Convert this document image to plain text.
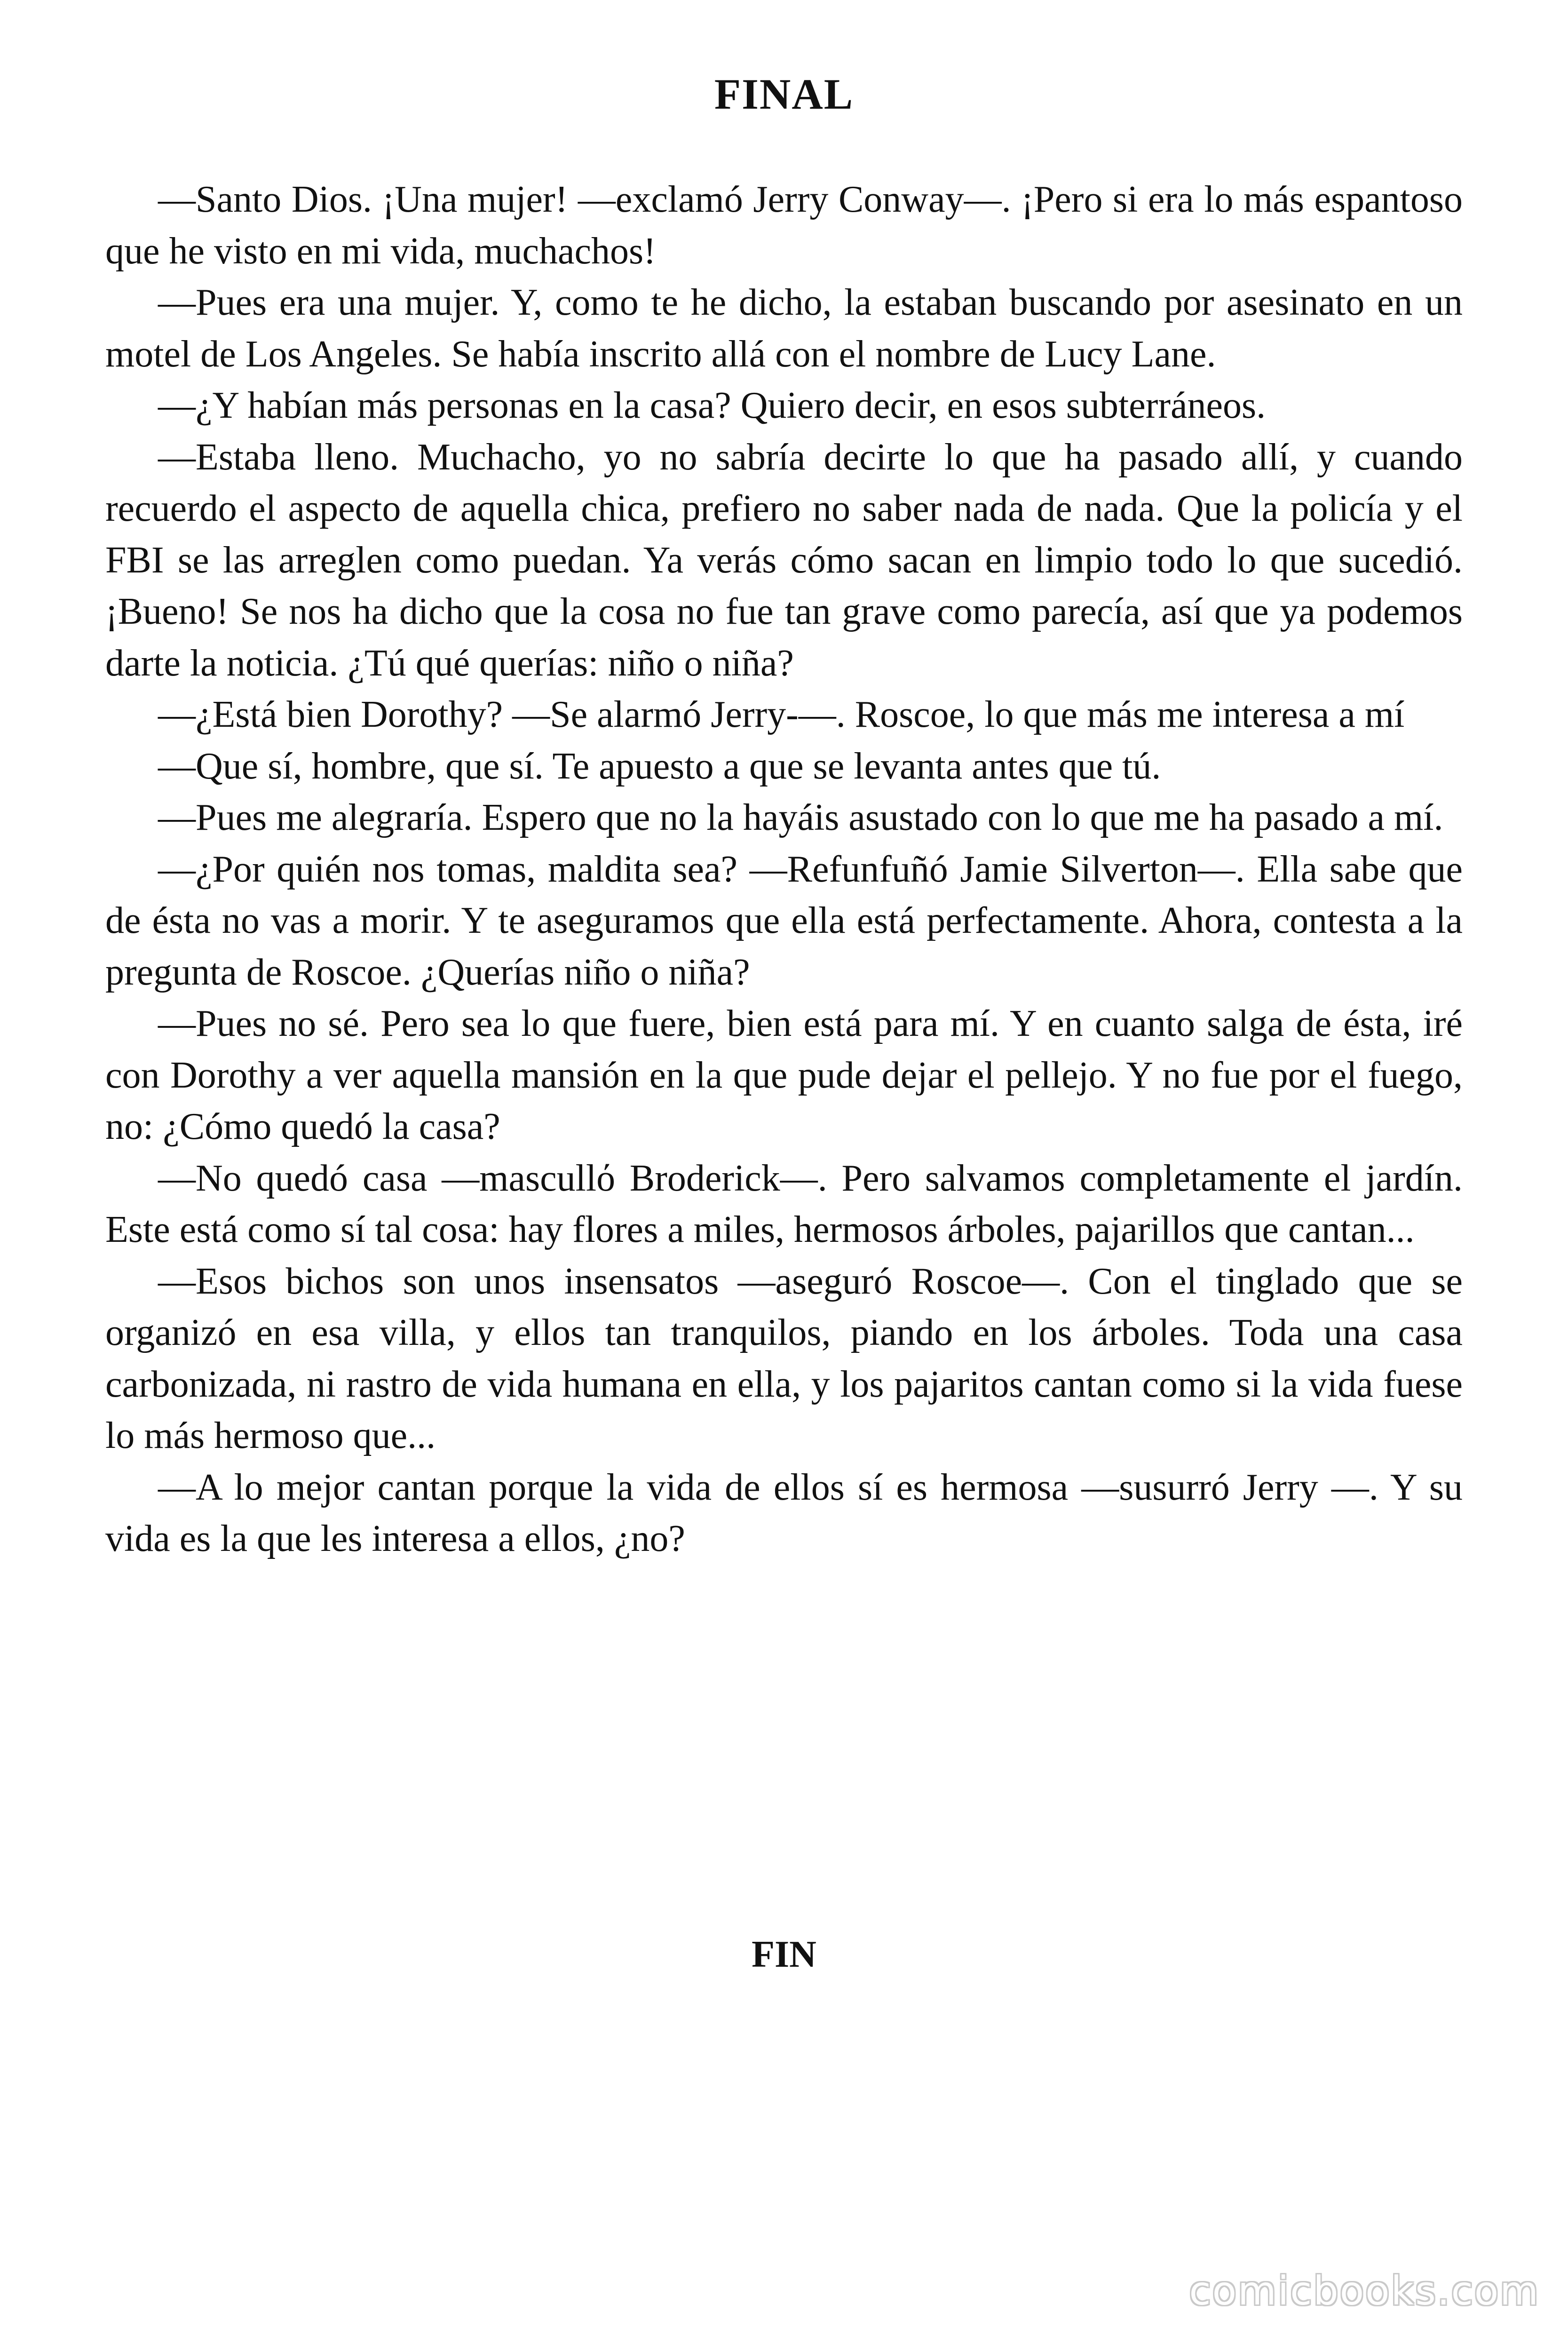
FINAL

—Santo Dios. ¡Una mujer! —exclamó Jerry Conway—. ¡Pero si era lo más espantoso que he visto en mi vida, muchachos!

—Pues era una mujer. Y, como te he dicho, la estaban buscando por asesinato en un motel de Los Angeles. Se había inscrito allá con el nombre de Lucy Lane.

—¿Y habían más personas en la casa? Quiero decir, en esos subterráneos.

—Estaba lleno. Muchacho, yo no sabría decirte lo que ha pasado allí, y cuando recuerdo el aspecto de aquella chica, prefiero no saber nada de nada. Que la policía y el FBI se las arreglen como puedan. Ya verás cómo sacan en limpio todo lo que sucedió. ¡Bueno! Se nos ha dicho que la cosa no fue tan grave como parecía, así que ya podemos darte la noticia. ¿Tú qué querías: niño o niña?

—¿Está bien Dorothy? —Se alarmó Jerry-—. Roscoe, lo que más me interesa a mí

—Que sí, hombre, que sí. Te apuesto a que se levanta antes que tú.

—Pues me alegraría. Espero que no la hayáis asustado con lo que me ha pasado a mí.

—¿Por quién nos tomas, maldita sea? —Refunfuñó Jamie Silverton—. Ella sabe que de ésta no vas a morir. Y te aseguramos que ella está perfectamente. Ahora, contesta a la pregunta de Roscoe. ¿Querías niño o niña?

—Pues no sé. Pero sea lo que fuere, bien está para mí. Y en cuanto salga de ésta, iré con Dorothy a ver aquella mansión en la que pude dejar el pellejo. Y no fue por el fuego, no: ¿Cómo quedó la casa?

—No quedó casa —mascullό Broderick—. Pero salvamos completamente el jardín. Este está como sí tal cosa: hay flores a miles, hermosos árboles, pajarillos que cantan...

—Esos bichos son unos insensatos —aseguró Roscoe—. Con el tinglado que se organizó en esa villa, y ellos tan tranquilos, piando en los árboles. Toda una casa carbonizada, ni rastro de vida humana en ella, y los pajaritos cantan como si la vida fuese lo más hermoso que...

—A lo mejor cantan porque la vida de ellos sí es hermosa —susurró Jerry —. Y su vida es la que les interesa a ellos, ¿no?

FIN
comicbooks.com
